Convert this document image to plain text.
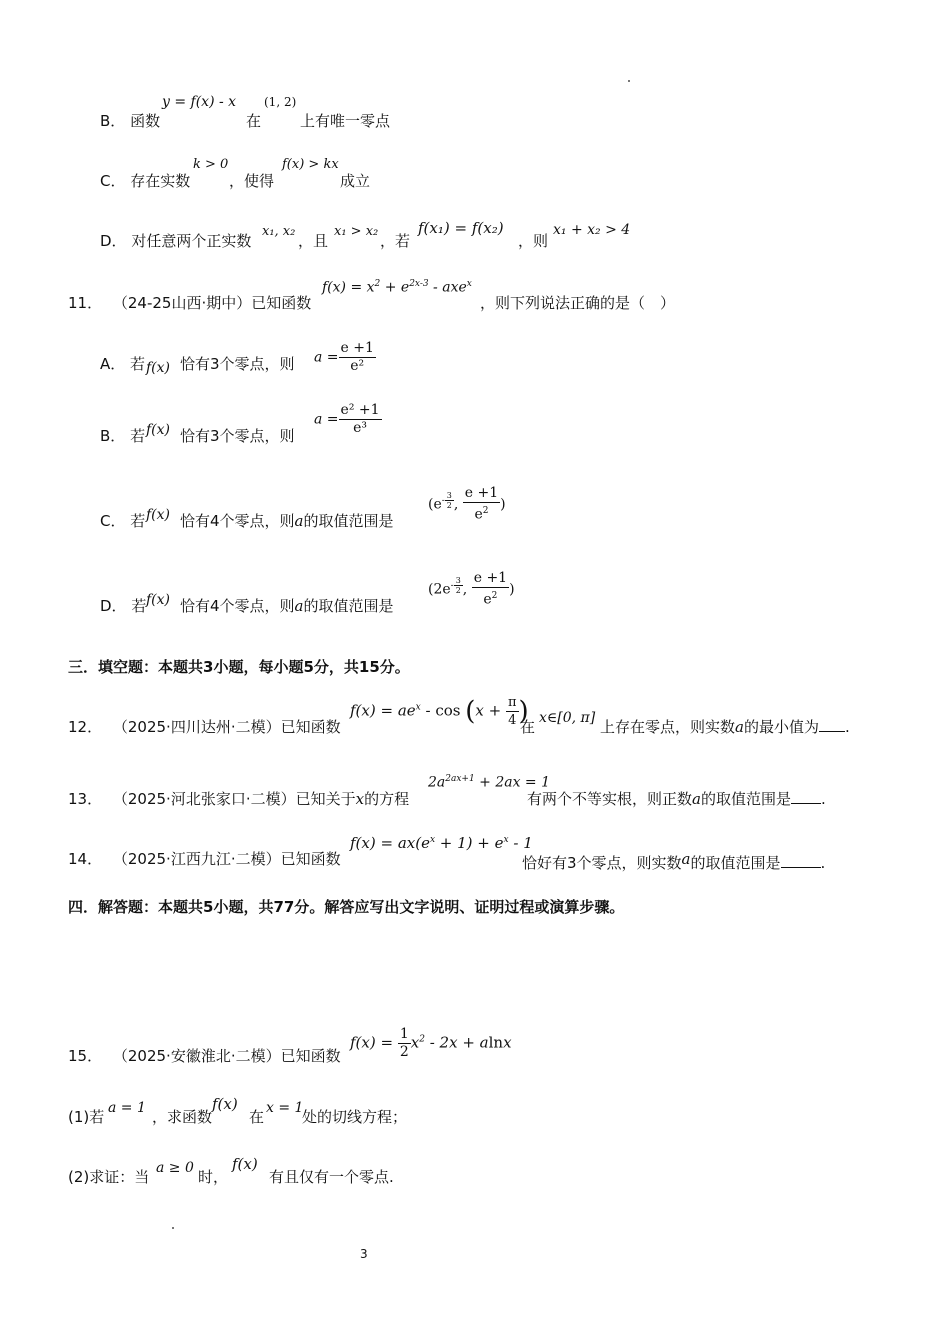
B． 函数
y = f(x) - x
在
(1, 2)
上有唯一零点
C． 存在实数
k > 0
，使得
f(x) > kx
成立
D． 对任意两个正实数
x₁, x₂
，且
x₁ > x₂
，若
f(x₁) = f(x₂)
，则
x₁ + x₂ > 4
11． （24-25山西·期中）已知函数
$f(x) = x^2 + e^{2x-3} - axe^x$
，则下列说法正确的是（　）
A． 若 f(x) 恰有3个零点，则 $a = \frac{e +1}{\text{e²}}$
B． 若 f(x) 恰有3个零点，则
$a = \frac{\text{e² +1}}{\text{e³}}$
C． 若 f(x) 恰有4个零点，则a的取值范围是
($e^{- \frac{3}{2}}$ , $\frac{e +1}{e^2}$ )
D． 若 f(x) 恰有4个零点，则a的取值范围是
($2e^{- \frac{3}{2}}$ , $\frac{e +1}{e^2}$ )
三．填空题：本题共3小题，每小题5分，共15分。
12． （2025·四川达州·二模）已知函数
$f(x) = ae^x - \cos (x + \frac{\pi}{4}$ )
在 x∈[0, π] 上存在零点，则实数a的最小值为 .
13． （2025·河北张家口·二模）已知关于x的方程
$2a^{2ax+1} + 2ax = 1$
有两个不等实根，则正数a的取值范围是 .
14． （2025·江西九江·二模）已知函数
$f(x) = ax(e^x + 1) + e^x - 1$
恰好有3个零点，则实数a的取值范围是	.
四．解答题：本题共5小题，共77分。解答应写出文字说明、证明过程或演算步骤。
15． （2025·安徽淮北·二模）已知函数
$f(x) = \frac{1}{2} x^2 - 2x + alnx$
(1)若 a = 1 ，求函数
f(x)
在 x = 1
处的切线方程；
(2)求证：当 a ≥ 0 时，
f(x)
有且仅有一个零点.
3
